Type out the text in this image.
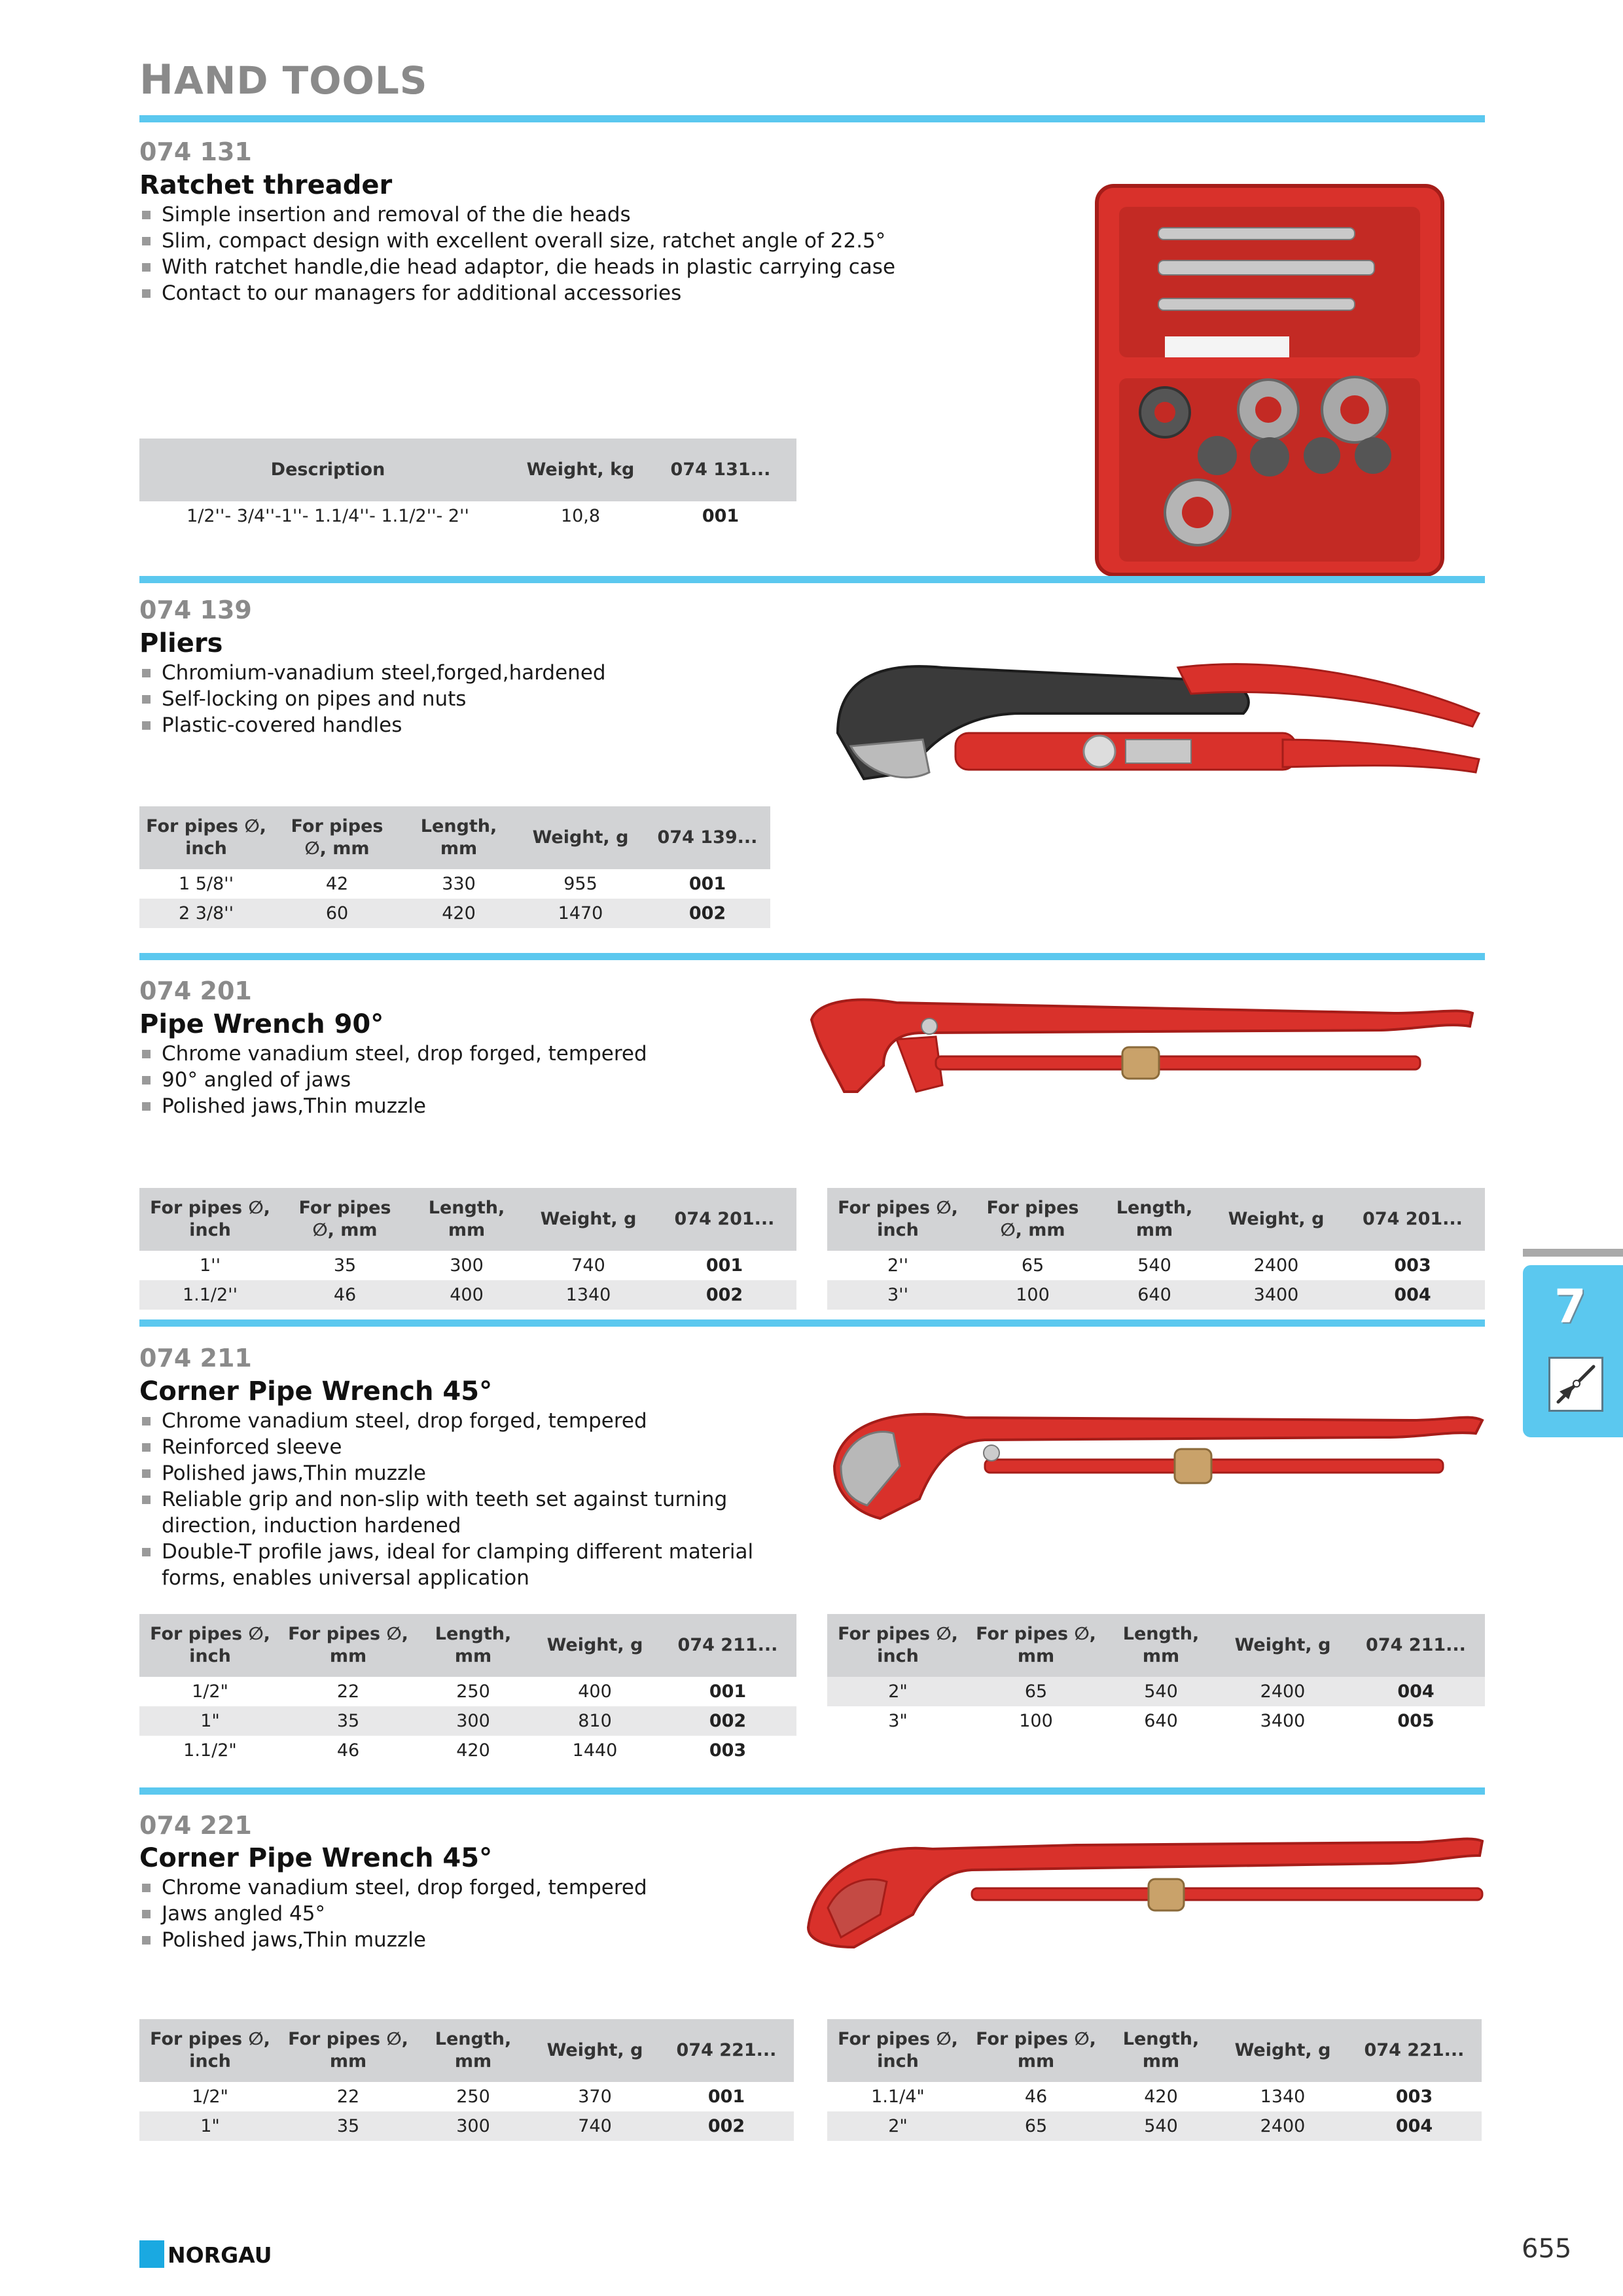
HAND TOOLS
074 131
Ratchet threader
Simple insertion and removal of the die heads
Slim, compact design with excellent overall size, ratchet angle of 22.5°
With ratchet handle,die head adaptor, die heads in plastic carrying case
Contact to our managers for additional accessories
Description	Weight, kg	074 131...
1/2''- 3/4''-1''- 1.1/4''- 1.1/2''- 2''	10,8	001
074 139
Pliers
Chromium-vanadium steel,forged,hardened
Self-locking on pipes and nuts
Plastic-covered handles
For pipes ∅, inch	For pipes ∅, mm	Length, mm	Weight, g	074 139...
1 5/8''	42	330	955	001
2 3/8''	60	420	1470	002
074 201
Pipe Wrench 90°
Chrome vanadium steel, drop forged, tempered
90° angled of jaws
Polished jaws,Thin muzzle
For pipes ∅, inch	For pipes ∅, mm	Length, mm	Weight, g	074 201...
1''	35	300	740	001
1.1/2''	46	400	1340	002
For pipes ∅, inch	For pipes ∅, mm	Length, mm	Weight, g	074 201...
2''	65	540	2400	003
3''	100	640	3400	004
074 211
Corner Pipe Wrench 45°
Chrome vanadium steel, drop forged, tempered
Reinforced sleeve
Polished jaws,Thin muzzle
Reliable grip and non-slip with teeth set against turning direction, induction hardened
Double-T profile jaws, ideal for clamping different material forms, enables universal application
For pipes ∅, inch	For pipes ∅, mm	Length, mm	Weight, g	074 211...
1/2"	22	250	400	001
1"	35	300	810	002
1.1/2"	46	420	1440	003
For pipes ∅, inch	For pipes ∅, mm	Length, mm	Weight, g	074 211...
2"	65	540	2400	004
3"	100	640	3400	005
074 221
Corner Pipe Wrench 45°
Chrome vanadium steel, drop forged, tempered
Jaws angled 45°
Polished jaws,Thin muzzle
For pipes ∅, inch	For pipes ∅, mm	Length, mm	Weight, g	074 221...
1/2"	22	250	370	001
1"	35	300	740	002
For pipes ∅, inch	For pipes ∅, mm	Length, mm	Weight, g	074 221...
1.1/4"	46	420	1340	003
2"	65	540	2400	004
7
NORGAU	655
